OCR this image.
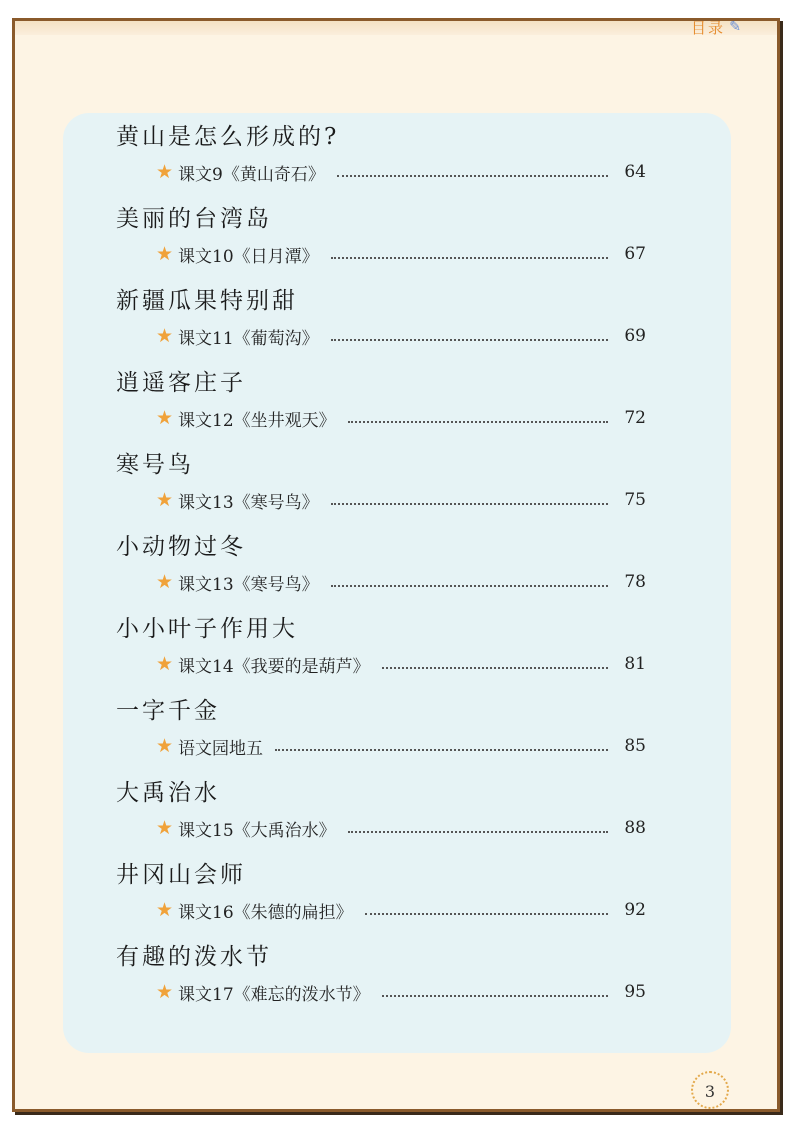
目录 ✎
3
黄山是怎么形成的?
★ 课文9《黄山奇石》	64
美丽的台湾岛
★ 课文10《日月潭》	67
新疆瓜果特别甜
★ 课文11《葡萄沟》	69
逍遥客庄子
★ 课文12《坐井观天》	72
寒号鸟
★ 课文13《寒号鸟》	75
小动物过冬
★ 课文13《寒号鸟》	78
小小叶子作用大
★ 课文14《我要的是葫芦》	81
一字千金
★ 语文园地五	85
大禹治水
★ 课文15《大禹治水》	88
井冈山会师
★ 课文16《朱德的扁担》	92
有趣的泼水节
★ 课文17《难忘的泼水节》	95
